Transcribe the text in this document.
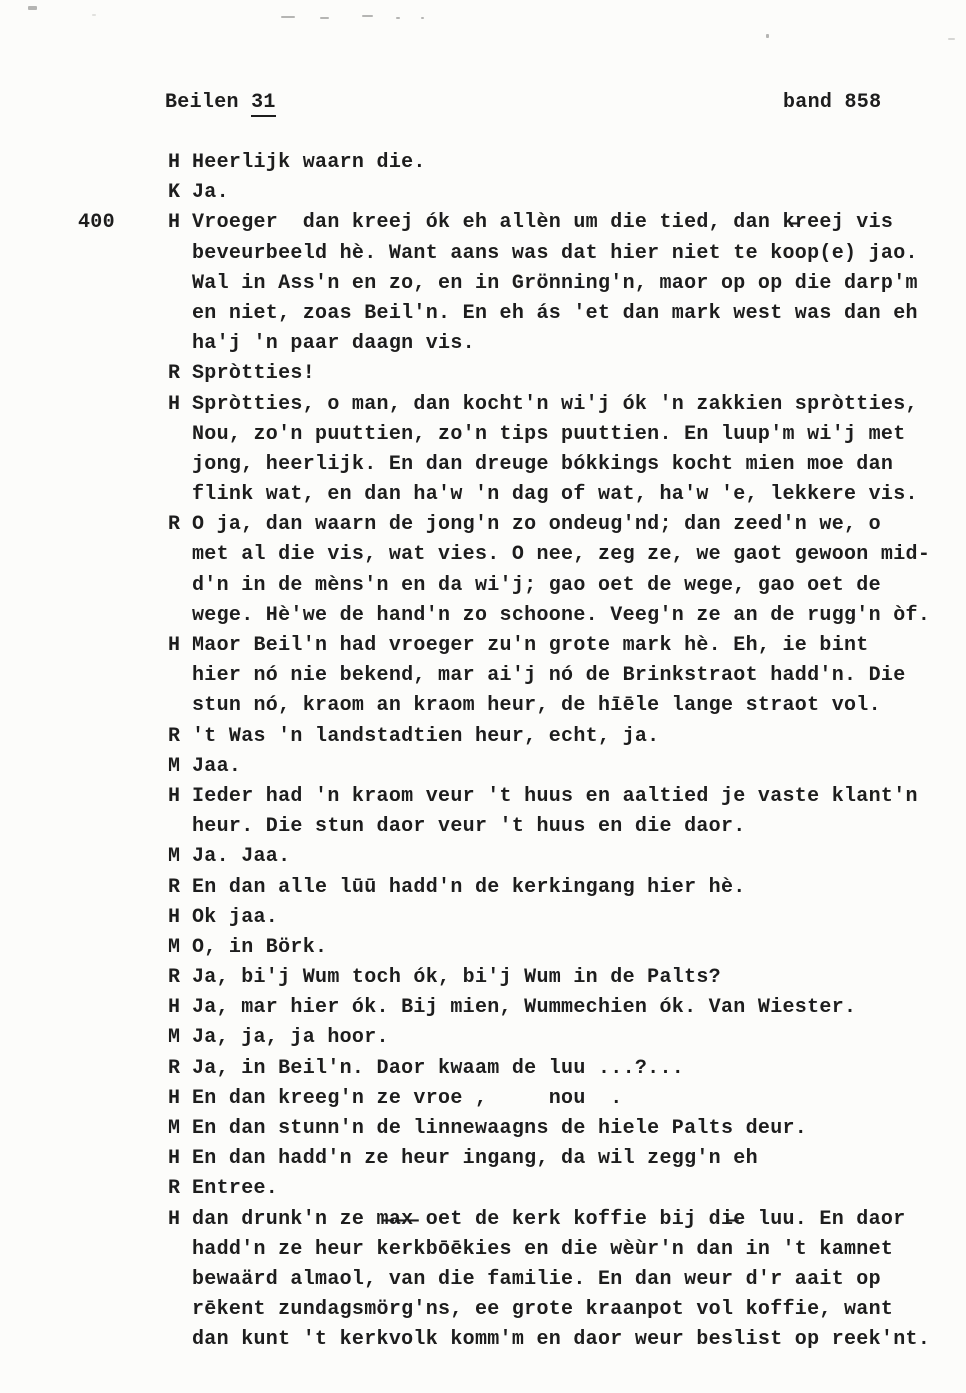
Beilen 31	band 858
H Heerlijk waarn die.
K Ja.
400	H Vroeger  dan kreej ók eh allèn um die tied, dan k̶reej vis
beveurbeeld hè. Want aans was dat hier niet te koop(e) jao.
Wal in Ass'n en zo, en in Grönning'n, maor op op die darp'm
en niet, zoas Beil'n. En eh ás 'et dan mark west was dan eh
ha'j 'n paar daagn vis.
R Spròtties!
H Spròtties, o man, dan kocht'n wi'j ók 'n zakkien spròtties,
Nou, zo'n puuttien, zo'n tips puuttien. En luup'm wi'j met
jong, heerlijk. En dan dreuge bókkings kocht mien moe dan
flink wat, en dan ha'w 'n dag of wat, ha'w 'e, lekkere vis.
R O ja, dan waarn de jong'n zo ondeug'nd; dan zeed'n we, o
met al die vis, wat vies. O nee, zeg ze, we gaot gewoon mid-
d'n in de mèns'n en da wi'j; gao oet de wege, gao oet de
wege. Hè'we de hand'n zo schoone. Veeg'n ze an de rugg'n òf.
H Maor Beil'n had vroeger zu'n grote mark hè. Eh, ie bint
hier nó nie bekend, mar ai'j nó de Brinkstraot hadd'n. Die
stun nó, kraom an kraom heur, de hīēle lange straot vol.
R 't Was 'n landstadtien heur, echt, ja.
M Jaa.
H Ieder had 'n kraom veur 't huus en aaltied je vaste klant'n
heur. Die stun daor veur 't huus en die daor.
M Ja. Jaa.
R En dan alle lūū hadd'n de kerkingang hier hè.
H Ok jaa.
M O, in Börk.
R Ja, bi'j Wum toch ók, bi'j Wum in de Palts?
H Ja, mar hier ók. Bij mien, Wummechien ók. Van Wiester.
M Ja, ja, ja hoor.
R Ja, in Beil'n. Daor kwaam de luu ...?...
H En dan kreeg'n ze vroe ,     nou  .
M En dan stunn'n de linnewaagns de hiele Palts deur.
H En dan hadd'n ze heur ingang, da wil zegg'n eh
R Entree.
H dan drunk'n ze m̶a̶x̶ oet de kerk koffie bij di̶e luu. En daor
hadd'n ze heur kerkbōēkies en die wèùr'n dan in 't kamnet
bewaärd almaol, van die familie. En dan weur d'r aait op
rēkent zundagsmörg'ns, ee grote kraanpot vol koffie, want
dan kunt 't kerkvolk komm'm en daor weur beslist op reek'nt.
